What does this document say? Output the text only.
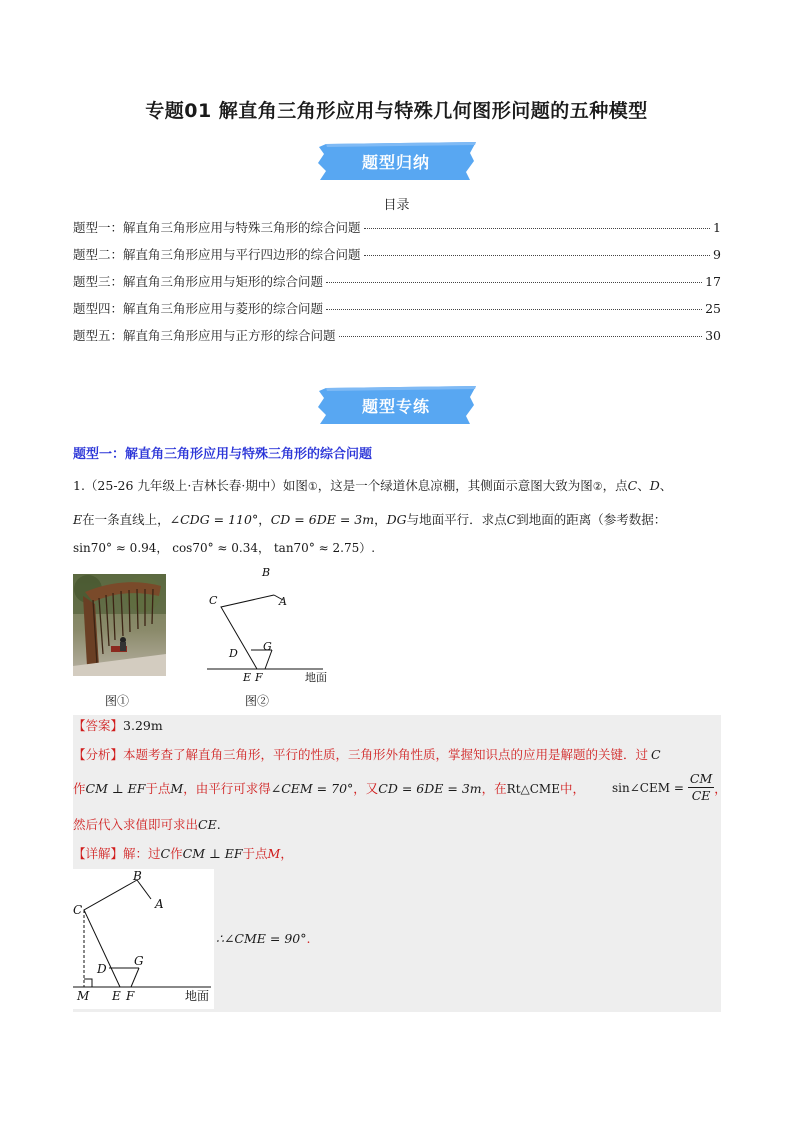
专题01 解直角三角形应用与特殊几何图形问题的五种模型
题型归纳
目录
题型一：解直角三角形应用与特殊三角形的综合问题	1
题型二：解直角三角形应用与平行四边形的综合问题	9
题型三：解直角三角形应用与矩形的综合问题	17
题型四：解直角三角形应用与菱形的综合问题	25
题型五：解直角三角形应用与正方形的综合问题	30
题型专练
题型一：解直角三角形应用与特殊三角形的综合问题
1.（25-26 九年级上·吉林长春·期中）如图①，这是一个绿道休息凉棚，其侧面示意图大致为图②，点C、D、
E在一条直线上，∠CDG = 110°，CD = 6DE = 3m，DG与地面平行．求点C到地面的距离（参考数据：
sin70° ≈ 0.94， cos70° ≈ 0.34， tan70° ≈ 2.75）.
图①
B
A
C
D
G
E F	地面
图②
【答案】3.29m
【分析】本题考查了解直角三角形，平行的性质，三角形外角性质，掌握知识点的应用是解题的关键．过 C
作CM ⊥ EF于点M，由平行可求得∠CEM = 70°，又CD = 6DE = 3m，在Rt△CME中，	sin∠CEM = $\frac{CM}{CE}$ ，
然后代入求值即可求出CE.
【详解】解：过C作CM ⊥ EF于点M，
B
A
C
D
G
M E F	地面
∴∠CME = 90°.
